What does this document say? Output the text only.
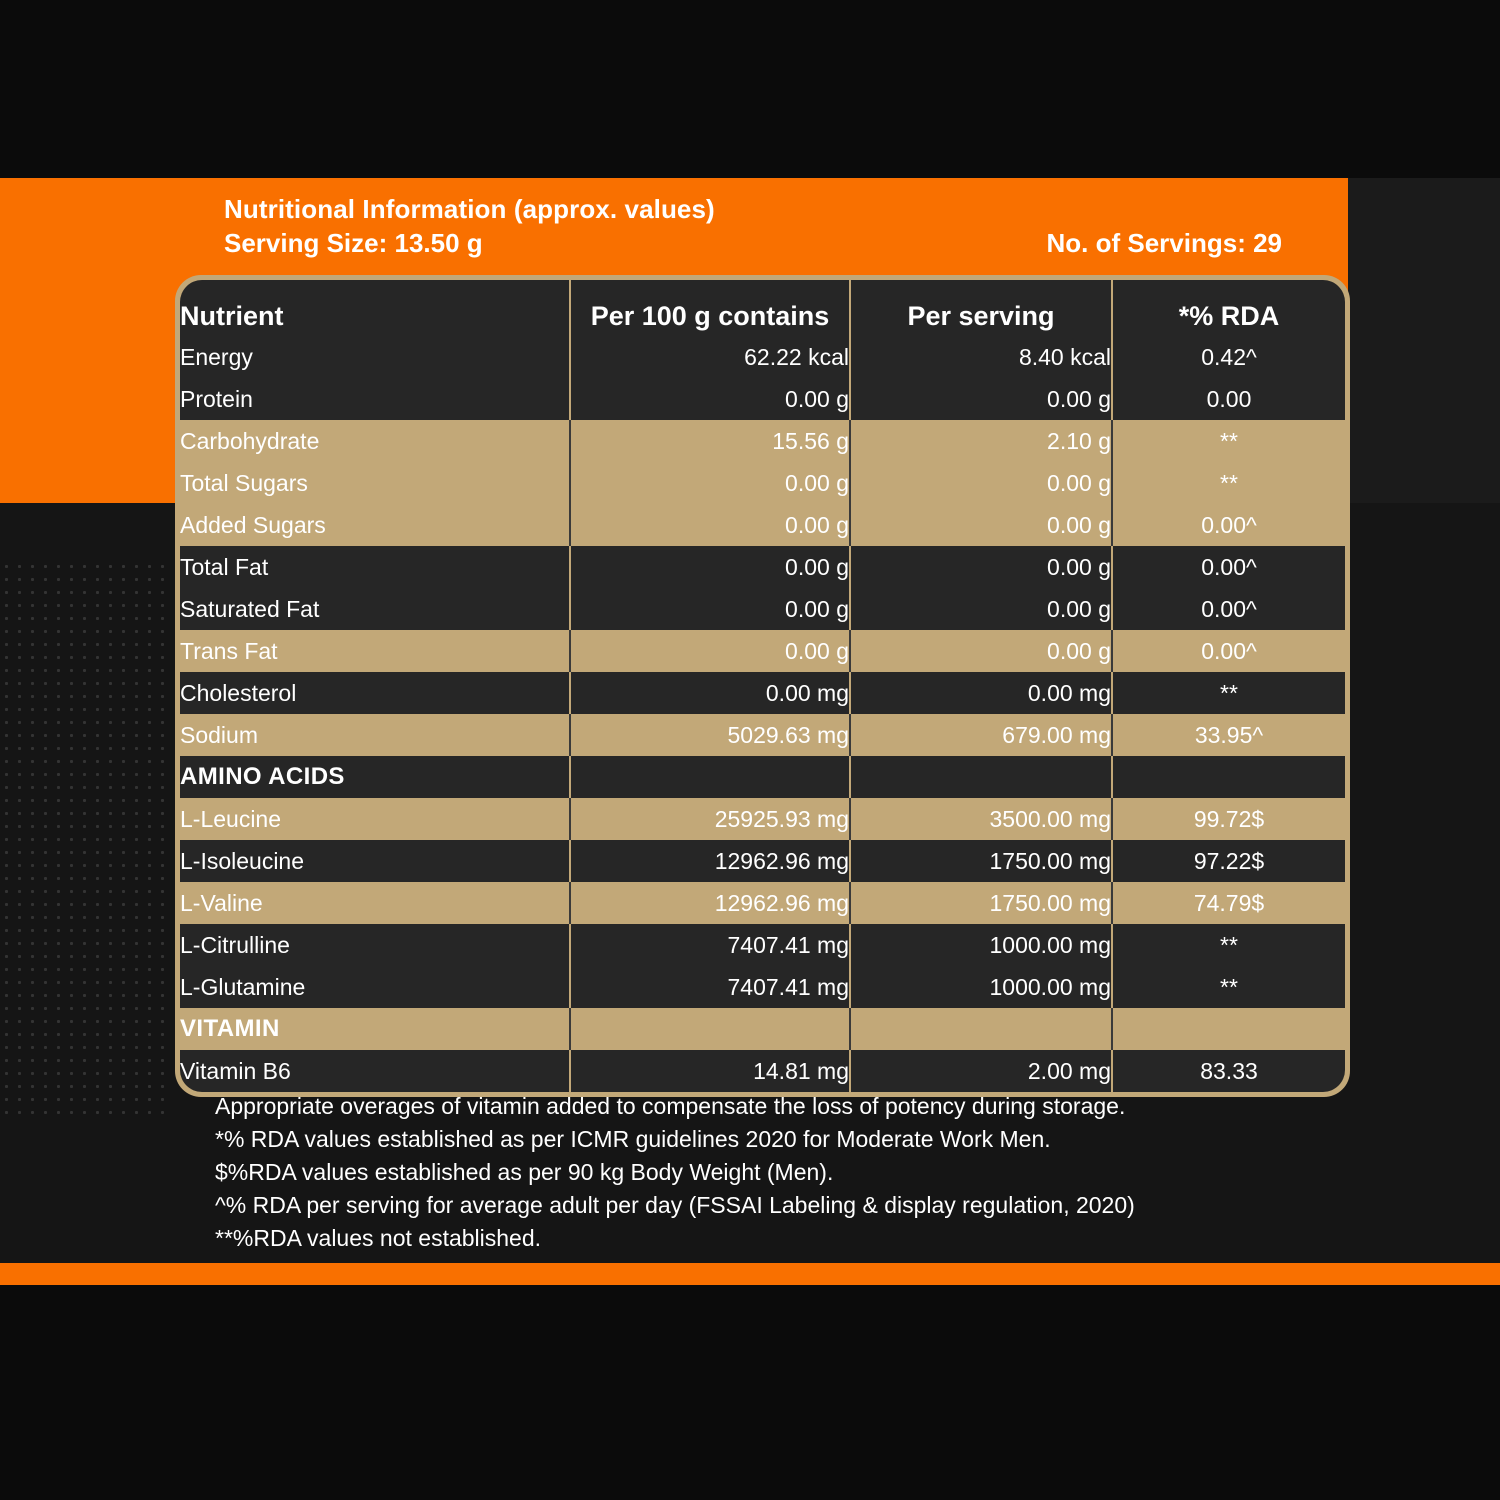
Nutritional Information (approx. values)
Serving Size: 13.50 g	No. of Servings: 29
Nutrient	Per 100 g contains	Per serving	*% RDA
Energy	62.22 kcal	8.40 kcal	0.42^
Protein	0.00 g	0.00 g	0.00
Carbohydrate	15.56 g	2.10 g	**
Total Sugars	0.00 g	0.00 g	**
Added Sugars	0.00 g	0.00 g	0.00^
Total Fat	0.00 g	0.00 g	0.00^
Saturated Fat	0.00 g	0.00 g	0.00^
Trans Fat	0.00 g	0.00 g	0.00^
Cholesterol	0.00 mg	0.00 mg	**
Sodium	5029.63 mg	679.00 mg	33.95^
AMINO ACIDS			
L-Leucine	25925.93 mg	3500.00 mg	99.72$
L-Isoleucine	12962.96 mg	1750.00 mg	97.22$
L-Valine	12962.96 mg	1750.00 mg	74.79$
L-Citrulline	7407.41 mg	1000.00 mg	**
L-Glutamine	7407.41 mg	1000.00 mg	**
VITAMIN			
Vitamin B6	14.81 mg	2.00 mg	83.33
Appropriate overages of vitamin added to compensate the loss of potency during storage.
*% RDA values established as per ICMR guidelines 2020 for Moderate Work Men.
$%RDA values established as per 90 kg Body Weight (Men).
^% RDA per serving for average adult per day (FSSAI Labeling & display regulation, 2020)
**%RDA values not established.
